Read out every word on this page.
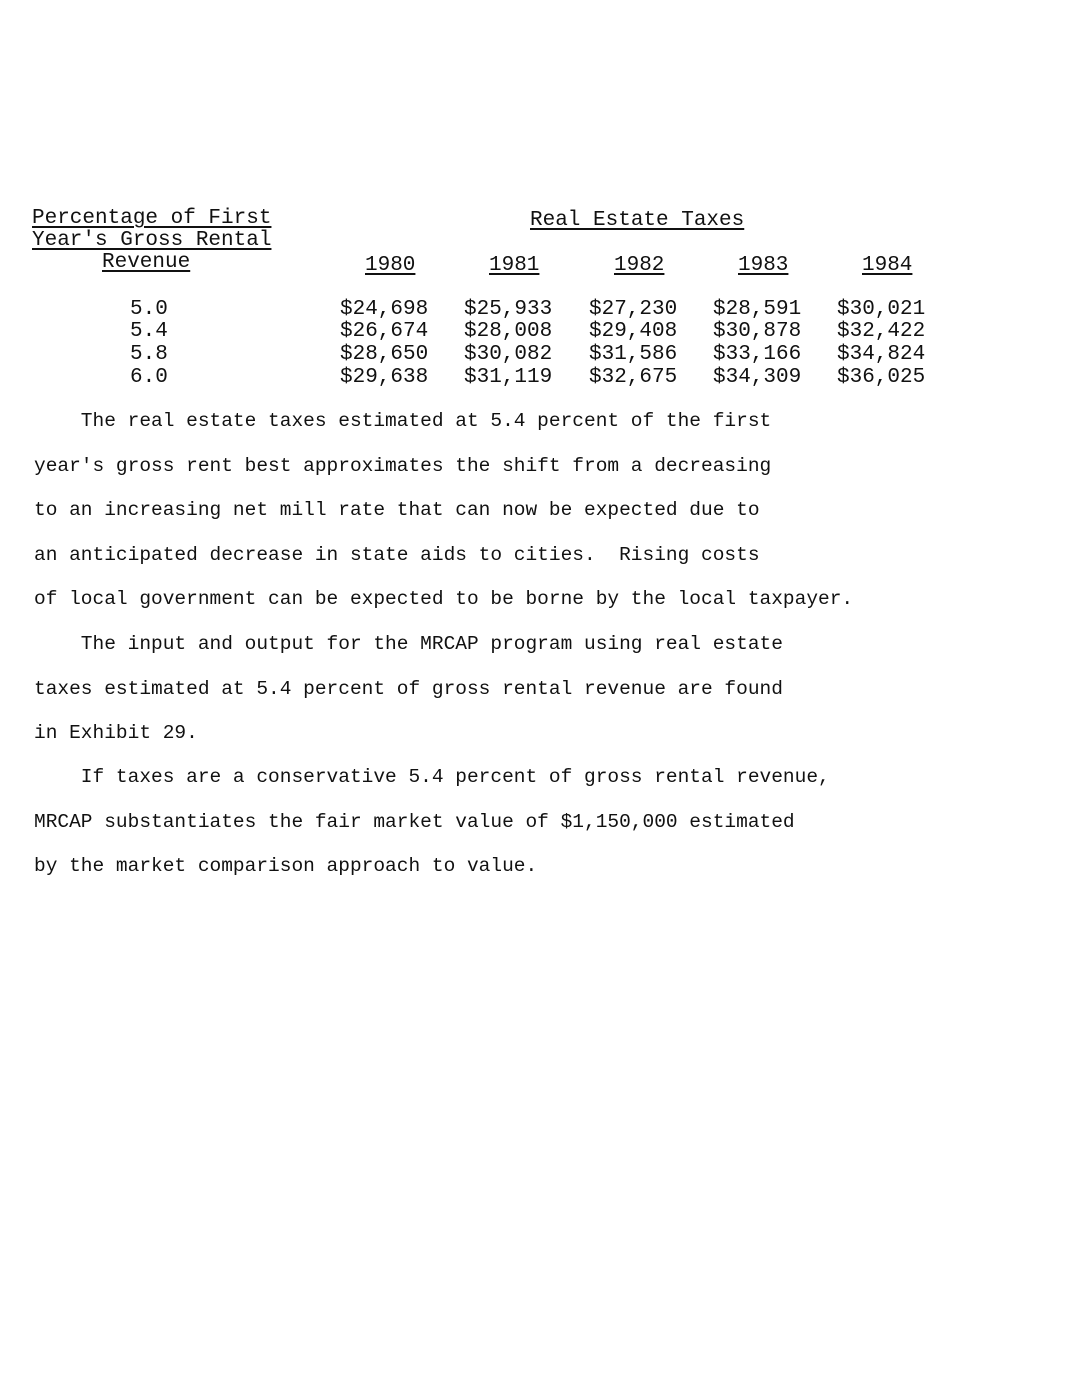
Percentage of First
Year's Gross Rental
Revenue
Real Estate Taxes
1980	1981	1982	1983	1984
5.0	$24,698 $25,933 $27,230 $28,591 $30,021
5.4	$26,674 $28,008 $29,408 $30,878 $32,422
5.8	$28,650 $30,082 $31,586 $33,166 $34,824
6.0	$29,638 $31,119 $32,675 $34,309 $36,025
The real estate taxes estimated at 5.4 percent of the first
year's gross rent best approximates the shift from a decreasing
to an increasing net mill rate that can now be expected due to
an anticipated decrease in state aids to cities.  Rising costs
of local government can be expected to be borne by the local taxpayer.
The input and output for the MRCAP program using real estate
taxes estimated at 5.4 percent of gross rental revenue are found
in Exhibit 29.
If taxes are a conservative 5.4 percent of gross rental revenue,
MRCAP substantiates the fair market value of $1,150,000 estimated
by the market comparison approach to value.
